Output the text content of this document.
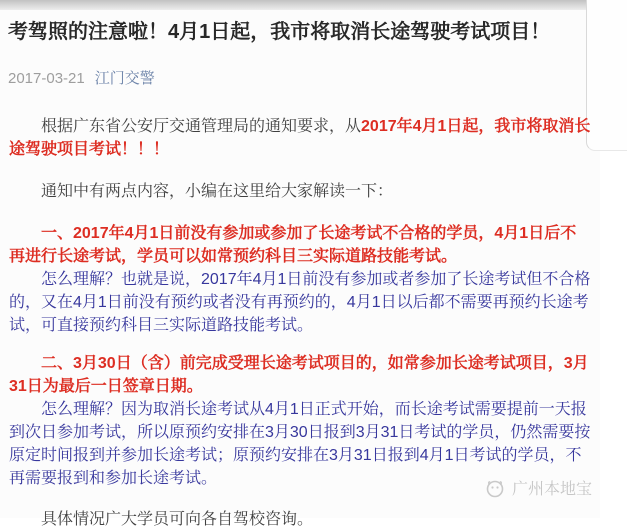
考驾照的注意啦！4月1日起，我市将取消长途驾驶考试项目！
2017-03-21 江门交警

根据广东省公安厅交通管理局的通知要求，从2017年4月1日起，我市将取消长途驾驶项目考试！！！

通知中有两点内容，小编在这里给大家解读一下：

一、2017年4月1日前没有参加或参加了长途考试不合格的学员，4月1日后不再进行长途考试，学员可以如常预约科目三实际道路技能考试。

怎么理解？也就是说，2017年4月1日前没有参加或者参加了长途考试但不合格的，又在4月1日前没有预约或者没有再预约的，4月1日以后都不需要再预约长途考试，可直接预约科目三实际道路技能考试。

二、3月30日（含）前完成受理长途考试项目的，如常参加长途考试项目，3月31日为最后一日签章日期。

怎么理解？因为取消长途考试从4月1日正式开始，而长途考试需要提前一天报到次日参加考试，所以原预约安排在3月30日报到3月31日考试的学员，仍然需要按原定时间报到并参加长途考试；原预约安排在3月31日报到4月1日考试的学员，不再需要报到和参加长途考试。

具体情况广大学员可向各自驾校咨询。

广州本地宝
